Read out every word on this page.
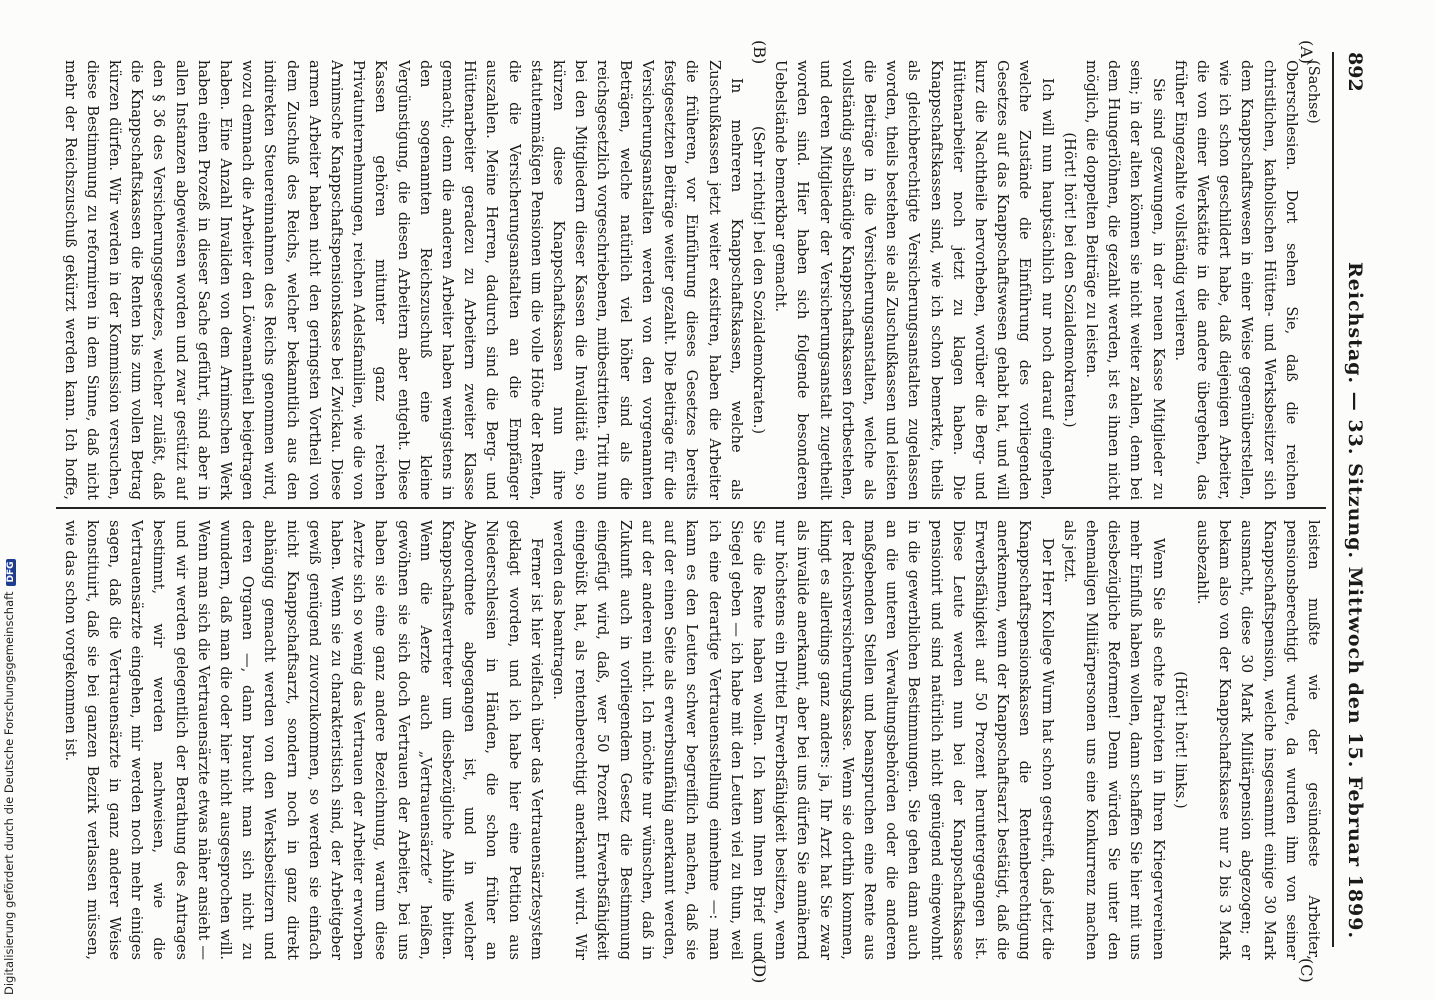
892
Reichstag. — 33. Sitzung. Mittwoch den 15. Februar 1899.
(A)
(B)
(C)
(D)

(Sachse)

Oberschlesien. Dort sehen Sie, daß die reichen christlichen, katholischen Hütten- und Werksbesitzer sich dem Knappschaftswesen in einer Weise gegenüberstellen, wie ich schon geschildert habe, daß diejenigen Arbeiter, die von einer Werkstätte in die andere übergehen, das früher Eingezahlte vollständig verlieren.

Sie sind gezwungen, in der neuen Kasse Mitglieder zu sein; in der alten können sie nicht weiter zahlen, denn bei dem Hungerlöhnen, die gezahlt werden, ist es ihnen nicht möglich, die doppelten Beiträge zu leisten.

(Hört! hört! bei den Sozialdemokraten.)

Ich will nun hauptsächlich nur noch darauf eingehen, welche Zustände die Einführung des vorliegenden Gesetzes auf das Knappschaftswesen gehabt hat, und will kurz die Nachtheile hervorheben, worüber die Berg- und Hüttenarbeiter noch jetzt zu klagen haben. Die Knappschaftskassen sind, wie ich schon bemerkte, theils als gleichberechtigte Versicherungsanstalten zugelassen worden, theils bestehen sie als Zuschußkassen und leisten die Beiträge in die Versicherungsanstalten, welche als vollständig selbständige Knappschaftskassen fortbestehen, und deren Mitglieder der Versicherungsanstalt zugetheilt worden sind. Hier haben sich folgende besonderen Uebelstände bemerkbar gemacht.

(Sehr richtig! bei den Sozialdemokraten.)

In mehreren Knappschaftskassen, welche als Zuschußkassen jetzt weiter existiren, haben die Arbeiter die früheren, vor Einführung dieses Gesetzes bereits festgesetzten Beiträge weiter gezahlt. Die Beiträge für die Versicherungsanstalten werden von den vorgenannten Beträgen, welche natürlich viel höher sind als die reichsgesetzlich vorgeschriebenen, mitbestritten. Tritt nun bei den Mitgliedern dieser Kassen die Invalidität ein, so kürzen diese Knappschaftskassen nun ihre statutenmäßigen Pensionen um die volle Höhe der Renten, die die Versicherungsanstalten an die Empfänger auszahlen. Meine Herren, dadurch sind die Berg- und Hüttenarbeiter geradezu zu Arbeitern zweiter Klasse gemacht; denn die anderen Arbeiter haben wenigstens in den sogenannten Reichszuschuß eine kleine Vergünstigung, die diesen Arbeitern aber entgeht. Diese Kassen gehören mitunter ganz reichen Privatunternehmungen, reichen Adelsfamilien, wie die von Arnimsche Knappschaftspensionskasse bei Zwickau. Diese armen Arbeiter haben nicht den geringsten Vortheil von dem Zuschuß des Reichs, welcher bekanntlich aus den indirekten Steuereinnahmen des Reichs genommen wird, wozu demnach die Arbeiter den Löwenantheil beigetragen haben. Eine Anzahl Invaliden von dem Arnimschen Werk haben einen Prozeß in dieser Sache geführt, sind aber in allen Instanzen abgewiesen worden und zwar gestützt auf den § 36 des Versicherungsgesetzes, welcher zuläßt, daß die Knappschaftskassen die Renten bis zum vollen Betrag kürzen dürfen. Wir werden in der Kommission versuchen, diese Bestimmung zu reformiren in dem Sinne, daß nicht mehr der Reichszuschuß gekürzt werden kann. Ich hoffe,

leisten mußte wie der gesündeste Arbeiter, pensionsberechtigt wurde, da wurden ihm von seiner Knappschaftspension, welche insgesammt einige 30 Mark ausmacht, diese 30 Mark Militärpension abgezogen; er bekam also von der Knappschaftskasse nur 2 bis 3 Mark ausbezahlt.

(Hört! hört! links.)

Wenn Sie als echte Patrioten in Ihren Kriegervereinen mehr Einfluß haben wollen, dann schaffen Sie hier mit uns diesbezügliche Reformen! Denn würden Sie unter den ehemaligen Militärpersonen uns eine Konkurrenz machen als jetzt.

Der Herr Kollege Wurm hat schon gestreift, daß jetzt die Knappschaftspensionskassen die Rentenberechtigung anerkennen, wenn der Knappschaftsarzt bestätigt, daß die Erwerbsfähigkeit auf 50 Prozent heruntergegangen ist. Diese Leute werden nun bei der Knappschaftskasse pensionirt und sind natürlich nicht genügend eingewohnt in die gewerblichen Bestimmungen. Sie gehen dann auch an die unteren Verwaltungsbehörden oder die anderen maßgebenden Stellen und beanspruchen eine Rente aus der Reichsversicherungskasse. Wenn sie dorthin kommen, klingt es allerdings ganz anders: ja, Ihr Arzt hat Sie zwar als invalide anerkannt, aber bei uns dürfen Sie annähernd nur höchstens ein Drittel Erwerbsfähigkeit besitzen, wenn Sie die Rente haben wollen. Ich kann Ihnen Brief und Siegel geben — ich habe mit den Leuten viel zu thun, weil ich eine derartige Vertrauensstellung einnehme —: man kann es den Leuten schwer begreiflich machen, daß sie auf der einen Seite als erwerbsunfähig anerkannt werden, auf der anderen nicht. Ich möchte nur wünschen, daß in Zukunft auch in vorliegendem Gesetz die Bestimmung eingefügt wird, daß, wer 50 Prozent Erwerbsfähigkeit eingebüßt hat, als rentenberechtigt anerkannt wird. Wir werden das beantragen.

Ferner ist hier vielfach über das Vertrauensärztesystem geklagt worden, und ich habe hier eine Petition aus Niederschlesien in Händen, die schon früher an Abgeordnete abgegangen ist, und in welcher Knappschaftsvertreter um diesbezügliche Abhilfe bitten. Wenn die Aerzte auch „Vertrauensärzte“ heißen, gewöhnen sie sich doch Vertrauen der Arbeiter, bei uns haben sie eine ganz andere Bezeichnung, warum diese Aerzte sich so wenig das Vertrauen der Arbeiter erworben haben. Wenn sie zu charakteristisch sind, der Arbeitgeber gewiß genügend zuvorzukommen, so werden sie einfach nicht Knappschaftsarzt, sondern noch in ganz direkt abhängig gemacht werden von den Werksbesitzern und deren Organen —, dann braucht man sich nicht zu wundern, daß man die oder hier nicht ausgesprochen will. Wenn man sich die Vertrauensärzte etwas näher ansieht — und wir werden gelegentlich der Berathung des Antrages bestimmt, wir werden nachweisen, wie die Vertrauensärzte eingehen, mir werden noch mehr einiges sagen, daß die Vertrauensärzte in ganz anderer Weise konstituirt, daß sie bei ganzen Bezirk verlassen müssen, wie das schon vorgekommen ist.

Digitalisierung gefördert durch die Deutsche ForschungsgemeinschaftDFG
